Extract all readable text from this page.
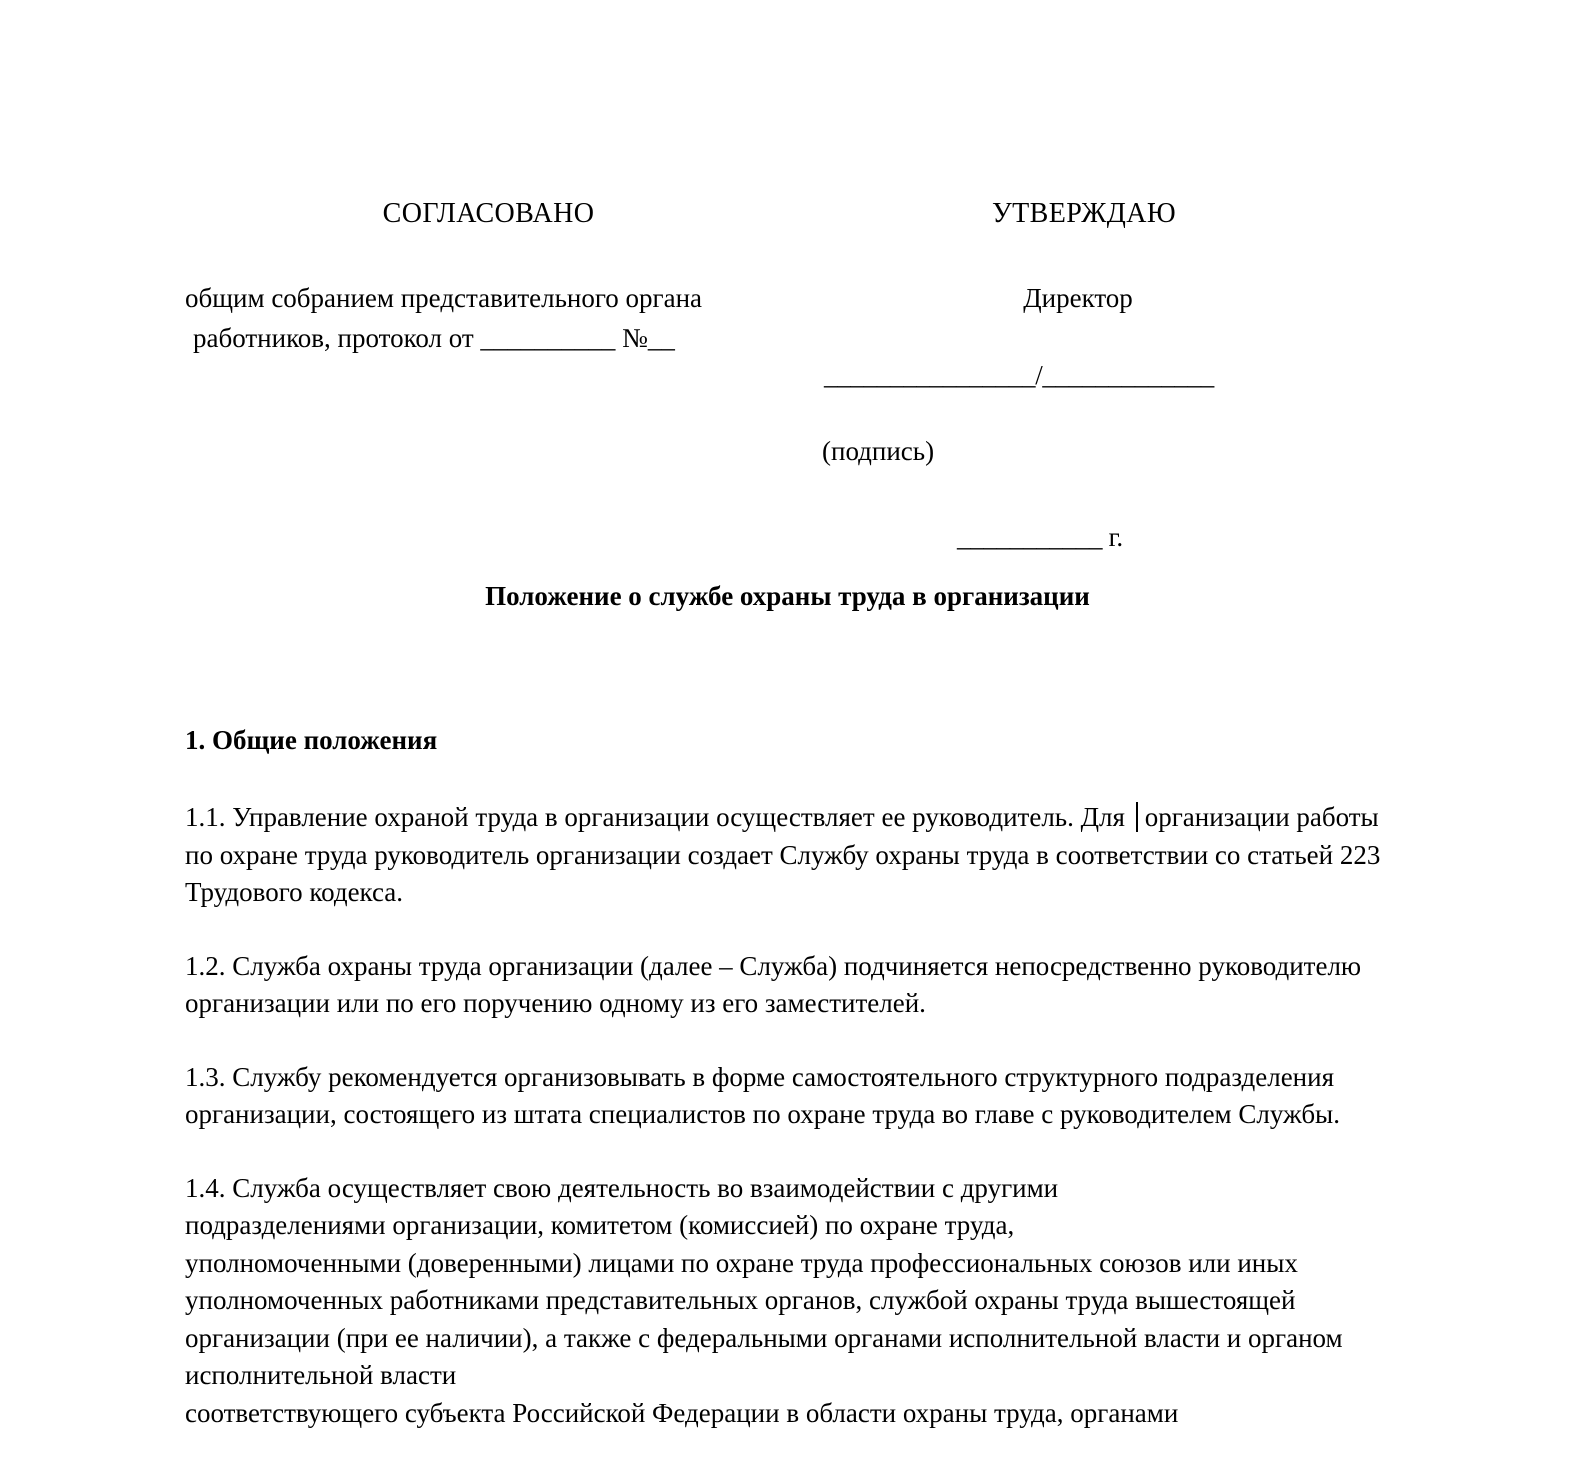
СОГЛАСОВАНО	УТВЕРЖДАЮ
общим собранием представительного органа
работников, протокол от __________ №__
Директор
________________/_____________
(подпись)
___________ г.
Положение о службе охраны труда в организации
1. Общие положения

1.1. Управление охраной труда в организации осуществляет ее руководитель. Для организации работы по охране труда руководитель организации создает Службу охраны труда в соответствии со статьей 223 Трудового кодекса.

1.2. Служба охраны труда организации (далее – Служба) подчиняется непосредственно руководителю организации или по его поручению одному из его заместителей.

1.3. Службу рекомендуется организовывать в форме самостоятельного структурного подразделения организации, состоящего из штата специалистов по охране труда во главе с руководителем Службы.

1.4. Служба осуществляет свою деятельность во взаимодействии с другими
подразделениями организации, комитетом (комиссией) по охране труда,
уполномоченными (доверенными) лицами по охране труда профессиональных союзов или иных уполномоченных работниками представительных органов, службой охраны труда вышестоящей организации (при ее наличии), а также с федеральными органами исполнительной власти и органом исполнительной власти
соответствующего субъекта Российской Федерации в области охраны труда, органами
